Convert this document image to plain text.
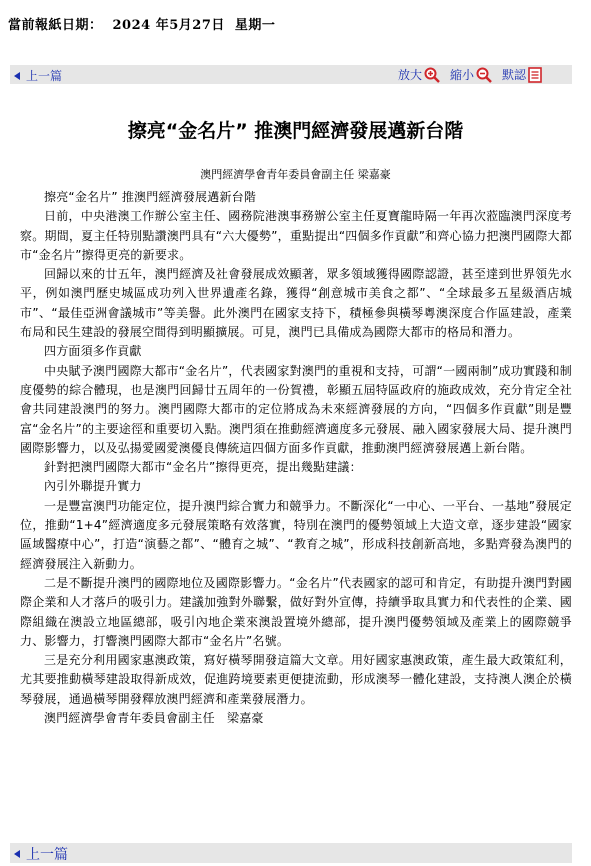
當前報紙日期： 2024 年5月27日 星期一
上一篇	放大 縮小 默認
擦亮“金名片” 推澳門經濟發展邁新台階
澳門經濟學會青年委員會副主任 梁嘉豪

擦亮“金名片” 推澳門經濟發展邁新台階

日前，中央港澳工作辦公室主任、國務院港澳事務辦公室主任夏寶龍時隔一年再次蒞臨澳門深度考察。期間，夏主任特別點讚澳門具有“六大優勢”，重點提出“四個多作貢獻”和齊心協力把澳門國際大都市“金名片”擦得更亮的新要求。

回歸以來的廿五年，澳門經濟及社會發展成效顯著，眾多領域獲得國際認證，甚至達到世界領先水平，例如澳門歷史城區成功列入世界遺產名錄，獲得“創意城市美食之都”、“全球最多五星級酒店城市”、“最佳亞洲會議城市”等美譽。此外澳門在國家支持下，積極參與橫琴粵澳深度合作區建設，產業布局和民生建設的發展空間得到明顯擴展。可見，澳門已具備成為國際大都市的格局和潛力。

四方面須多作貢獻

中央賦予澳門國際大都市“金名片”，代表國家對澳門的重視和支持，可謂“一國兩制”成功實踐和制度優勢的綜合體現，也是澳門回歸廿五周年的一份賀禮，彰顯五屆特區政府的施政成效，充分肯定全社會共同建設澳門的努力。澳門國際大都市的定位將成為未來經濟發展的方向，“四個多作貢獻”則是豐富“金名片”的主要途徑和重要切入點。澳門須在推動經濟適度多元發展、融入國家發展大局、提升澳門國際影響力，以及弘揚愛國愛澳優良傳統這四個方面多作貢獻，推動澳門經濟發展邁上新台階。

針對把澳門國際大都市“金名片”擦得更亮，提出幾點建議：

內引外聯提升實力

一是豐富澳門功能定位，提升澳門綜合實力和競爭力。不斷深化“一中心、一平台、一基地”發展定位，推動“1+4”經濟適度多元發展策略有效落實，特別在澳門的優勢領域上大造文章，逐步建設“國家區域醫療中心”，打造“演藝之都”、“體育之城”、“教育之城”，形成科技創新高地，多點齊發為澳門的經濟發展注入新動力。

二是不斷提升澳門的國際地位及國際影響力。“金名片”代表國家的認可和肯定，有助提升澳門對國際企業和人才落戶的吸引力。建議加強對外聯繫，做好對外宣傳，持續爭取具實力和代表性的企業、國際組織在澳設立地區總部，吸引內地企業來澳設置境外總部，提升澳門優勢領域及產業上的國際競爭力、影響力，打響澳門國際大都市“金名片”名號。

三是充分利用國家惠澳政策，寫好橫琴開發這篇大文章。用好國家惠澳政策，產生最大政策紅利，尤其要推動橫琴建設取得新成效，促進跨境要素更便捷流動，形成澳琴一體化建設，支持澳人澳企於橫琴發展，通過橫琴開發釋放澳門經濟和產業發展潛力。

澳門經濟學會青年委員會副主任　梁嘉豪

上一篇
